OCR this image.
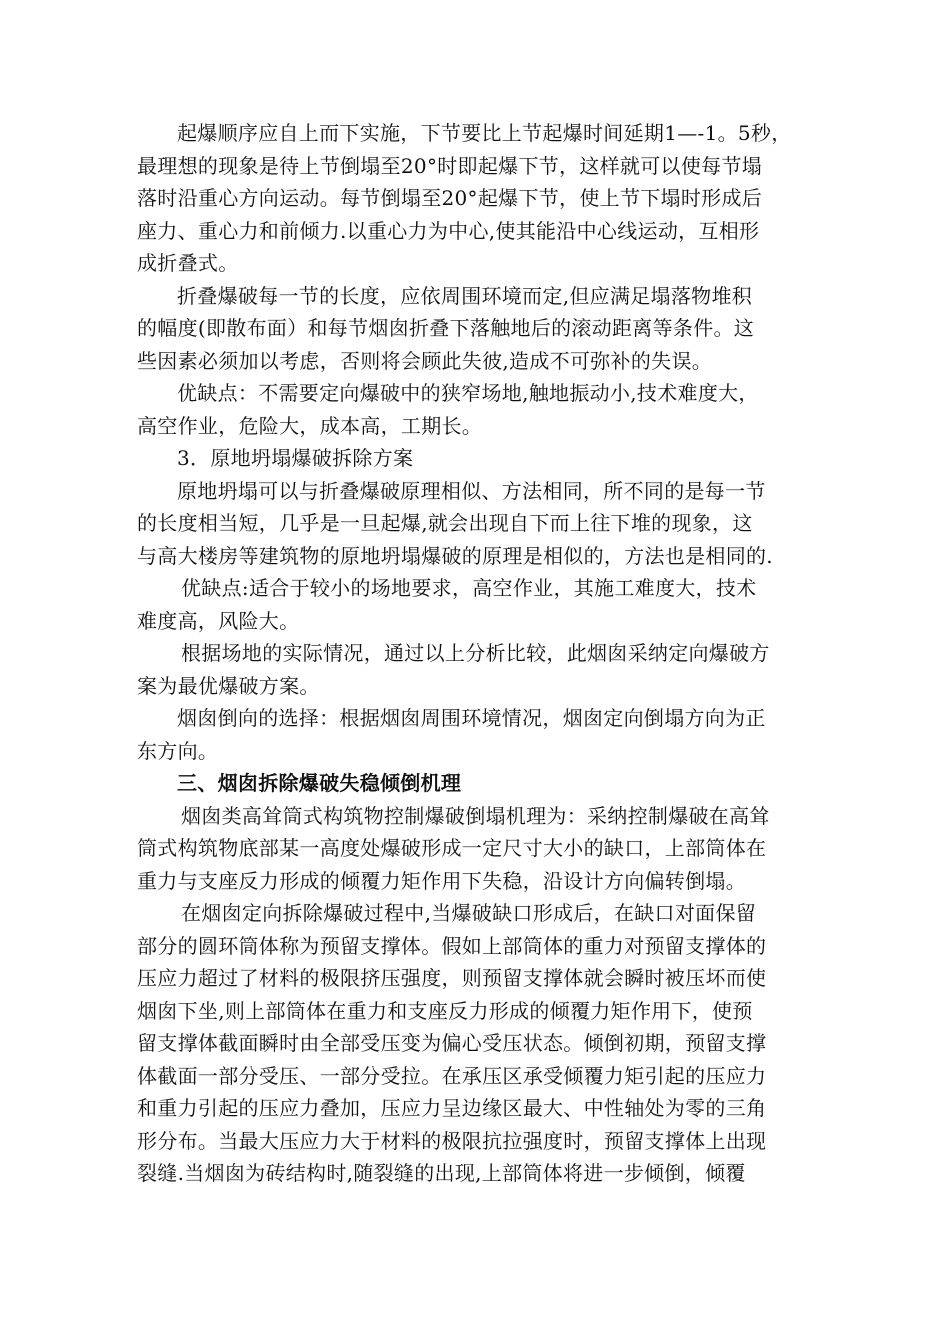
起爆顺序应自上而下实施，下节要比上节起爆时间延期1—-1。5秒，
最理想的现象是待上节倒塌至20°时即起爆下节，这样就可以使每节塌
落时沿重心方向运动。每节倒塌至20°起爆下节，使上节下塌时形成后
座力、重心力和前倾力.以重心力为中心,使其能沿中心线运动，互相形
成折叠式。
折叠爆破每一节的长度，应依周围环境而定,但应满足塌落物堆积
的幅度(即散布面）和每节烟囱折叠下落触地后的滚动距离等条件。这
些因素必须加以考虑，否则将会顾此失彼,造成不可弥补的失误。
优缺点：不需要定向爆破中的狭窄场地,触地振动小,技术难度大，
高空作业，危险大，成本高，工期长。
3．原地坍塌爆破拆除方案
原地坍塌可以与折叠爆破原理相似、方法相同，所不同的是每一节
的长度相当短，几乎是一旦起爆,就会出现自下而上往下堆的现象，这
与高大楼房等建筑物的原地坍塌爆破的原理是相似的，方法也是相同的.
优缺点:适合于较小的场地要求，高空作业，其施工难度大，技术
难度高，风险大。
根据场地的实际情况，通过以上分析比较，此烟囱采纳定向爆破方
案为最优爆破方案。
烟囱倒向的选择：根据烟囱周围环境情况，烟囱定向倒塌方向为正
东方向。
三、烟囱拆除爆破失稳倾倒机理
烟囱类高耸筒式构筑物控制爆破倒塌机理为：采纳控制爆破在高耸
筒式构筑物底部某一高度处爆破形成一定尺寸大小的缺口，上部筒体在
重力与支座反力形成的倾覆力矩作用下失稳，沿设计方向偏转倒塌。
在烟囱定向拆除爆破过程中,当爆破缺口形成后，在缺口对面保留
部分的圆环筒体称为预留支撑体。假如上部筒体的重力对预留支撑体的
压应力超过了材料的极限挤压强度，则预留支撑体就会瞬时被压坏而使
烟囱下坐,则上部筒体在重力和支座反力形成的倾覆力矩作用下，使预
留支撑体截面瞬时由全部受压变为偏心受压状态。倾倒初期，预留支撑
体截面一部分受压、一部分受拉。在承压区承受倾覆力矩引起的压应力
和重力引起的压应力叠加，压应力呈边缘区最大、中性轴处为零的三角
形分布。当最大压应力大于材料的极限抗拉强度时，预留支撑体上出现
裂缝.当烟囱为砖结构时,随裂缝的出现,上部筒体将进一步倾倒，倾覆
